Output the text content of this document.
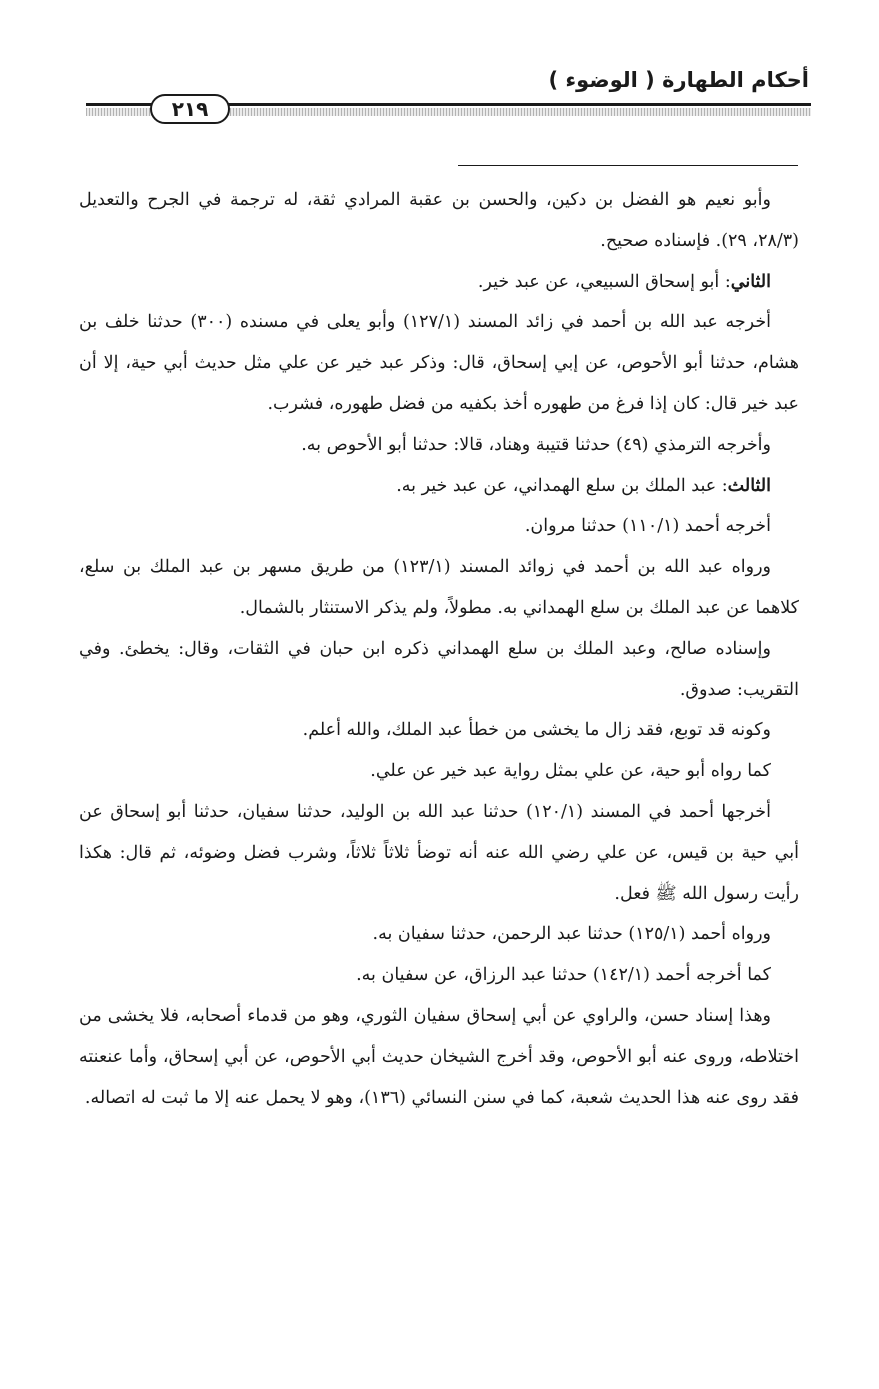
أحكام الطهارة ( الوضوء )
٢١٩

وأبو نعيم هو الفضل بن دكين، والحسن بن عقبة المرادي ثقة، له ترجمة في الجرح والتعديل (٢٨/٣، ٢٩). فإسناده صحيح.

الثاني: أبو إسحاق السبيعي، عن عبد خير.

أخرجه عبد الله بن أحمد في زائد المسند (١٢٧/١) وأبو يعلى في مسنده (٣٠٠) حدثنا خلف بن هشام، حدثنا أبو الأحوص، عن إبي إسحاق، قال: وذكر عبد خير عن علي مثل حديث أبي حية، إلا أن عبد خير قال: كان إذا فرغ من طهوره أخذ بكفيه من فضل طهوره، فشرب.

وأخرجه الترمذي (٤٩) حدثنا قتيبة وهناد، قالا: حدثنا أبو الأحوص به.

الثالث: عبد الملك بن سلع الهمداني، عن عبد خير به.

أخرجه أحمد (١١٠/١) حدثنا مروان.

ورواه عبد الله بن أحمد في زوائد المسند (١٢٣/١) من طريق مسهر بن عبد الملك بن سلع، كلاهما عن عبد الملك بن سلع الهمداني به. مطولاً، ولم يذكر الاستنثار بالشمال.

وإسناده صالح، وعبد الملك بن سلع الهمداني ذكره ابن حبان في الثقات، وقال: يخطئ. وفي التقريب: صدوق.

وكونه قد توبع، فقد زال ما يخشى من خطأ عبد الملك، والله أعلم.

كما رواه أبو حية، عن علي بمثل رواية عبد خير عن علي.

أخرجها أحمد في المسند (١٢٠/١) حدثنا عبد الله بن الوليد، حدثنا سفيان، حدثنا أبو إسحاق عن أبي حية بن قيس، عن علي رضي الله عنه أنه توضأ ثلاثاً ثلاثاً، وشرب فضل وضوئه، ثم قال: هكذا رأيت رسول الله ﷺ فعل.

ورواه أحمد (١٢٥/١) حدثنا عبد الرحمن، حدثنا سفيان به.

كما أخرجه أحمد (١٤٢/١) حدثنا عبد الرزاق، عن سفيان به.

وهذا إسناد حسن، والراوي عن أبي إسحاق سفيان الثوري، وهو من قدماء أصحابه، فلا يخشى من اختلاطه، وروى عنه أبو الأحوص، وقد أخرج الشيخان حديث أبي الأحوص، عن أبي إسحاق، وأما عنعنته فقد روى عنه هذا الحديث شعبة، كما في سنن النسائي (١٣٦)، وهو لا يحمل عنه إلا ما ثبت له اتصاله.
